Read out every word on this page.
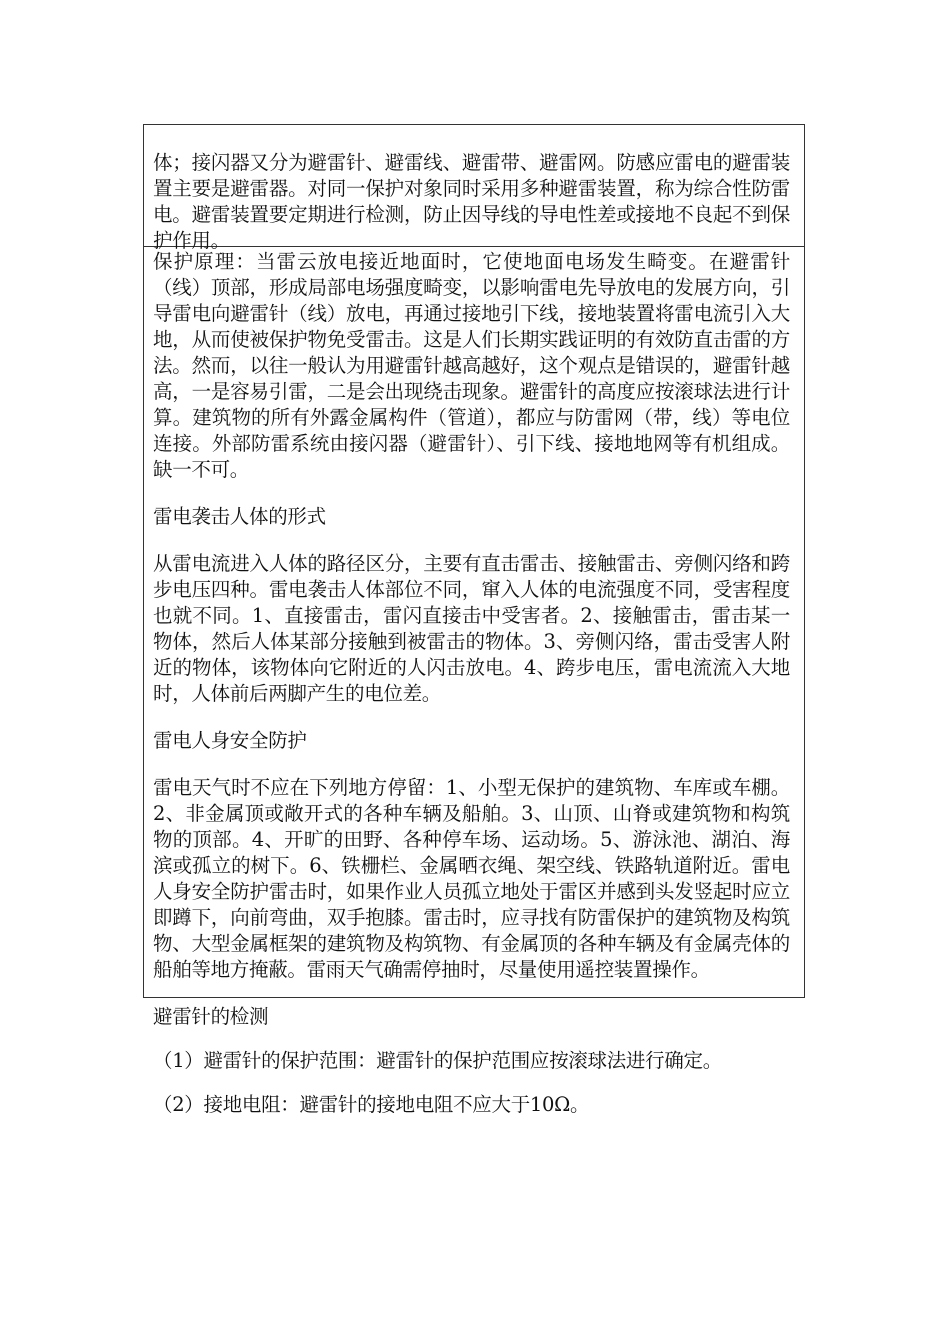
体；接闪器又分为避雷针、避雷线、避雷带、避雷网。防感应雷电的避雷装置主要是避雷器。对同一保护对象同时采用多种避雷装置，称为综合性防雷电。避雷装置要定期进行检测，防止因导线的导电性差或接地不良起不到保护作用。

保护原理：当雷云放电接近地面时，它使地面电场发生畸变。在避雷针（线）顶部，形成局部电场强度畸变，以影响雷电先导放电的发展方向，引导雷电向避雷针（线）放电，再通过接地引下线，接地装置将雷电流引入大地，从而使被保护物免受雷击。这是人们长期实践证明的有效防直击雷的方法。然而，以往一般认为用避雷针越高越好，这个观点是错误的，避雷针越高，一是容易引雷，二是会出现绕击现象。避雷针的高度应按滚球法进行计算。建筑物的所有外露金属构件（管道），都应与防雷网（带，线）等电位连接。外部防雷系统由接闪器（避雷针）、引下线、接地地网等有机组成。缺一不可。

雷电袭击人体的形式

从雷电流进入人体的路径区分，主要有直击雷击、接触雷击、旁侧闪络和跨步电压四种。雷电袭击人体部位不同，窜入人体的电流强度不同，受害程度也就不同。1、直接雷击，雷闪直接击中受害者。2、接触雷击，雷击某一物体，然后人体某部分接触到被雷击的物体。3、旁侧闪络，雷击受害人附近的物体，该物体向它附近的人闪击放电。4、跨步电压，雷电流流入大地时，人体前后两脚产生的电位差。

雷电人身安全防护

雷电天气时不应在下列地方停留：1、小型无保护的建筑物、车库或车棚。2、非金属顶或敞开式的各种车辆及船舶。3、山顶、山脊或建筑物和构筑物的顶部。4、开旷的田野、各种停车场、运动场。5、游泳池、湖泊、海滨或孤立的树下。6、铁栅栏、金属晒衣绳、架空线、铁路轨道附近。雷电人身安全防护雷击时，如果作业人员孤立地处于雷区并感到头发竖起时应立即蹲下，向前弯曲，双手抱膝。雷击时，应寻找有防雷保护的建筑物及构筑物、大型金属框架的建筑物及构筑物、有金属顶的各种车辆及有金属壳体的船舶等地方掩蔽。雷雨天气确需停抽时，尽量使用遥控装置操作。

避雷针的检测

（1）避雷针的保护范围：避雷针的保护范围应按滚球法进行确定。

（2）接地电阻：避雷针的接地电阻不应大于10Ω。
